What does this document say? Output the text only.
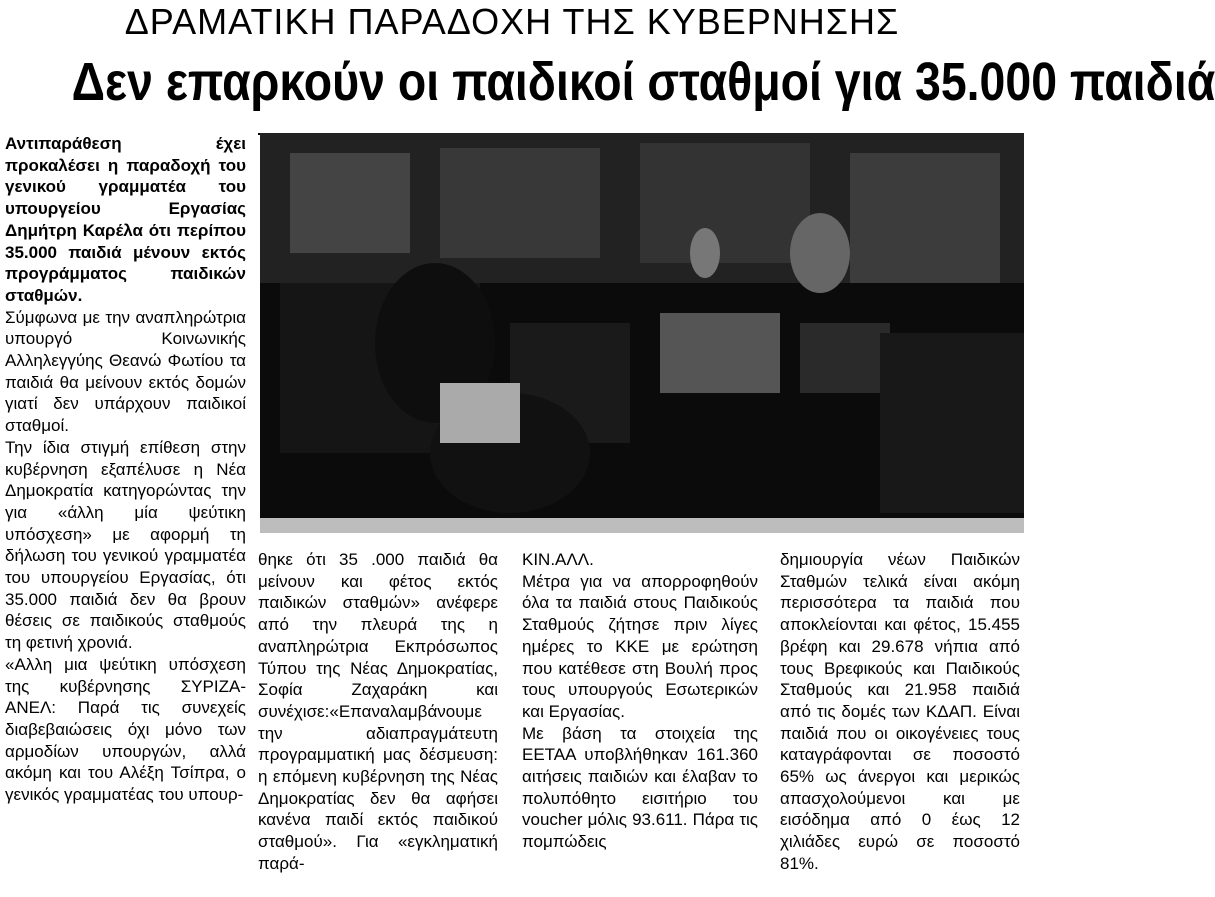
ΔΡΑΜΑΤΙΚΗ ΠΑΡΑΔΟΧΗ ΤΗΣ ΚΥΒΕΡΝΗΣΗΣ
Δεν επαρκούν οι παιδικοί σταθμοί για 35.000 παιδιά

Αντιπαράθεση έχει προκαλέσει η παραδοχή του γενικού γραμματέα του υπουργείου Εργασίας Δημήτρη Καρέλα ότι περίπου 35.000 παιδιά μένουν εκτός προγράμματος παιδικών σταθμών.

Σύμφωνα με την αναπληρώτρια υπουργό Κοινωνικής Αλληλεγγύης Θεανώ Φωτίου τα παιδιά θα μείνουν εκτός δομών γιατί δεν υπάρχουν παιδικοί σταθμοί.

Την ίδια στιγμή επίθεση στην κυβέρνηση εξαπέλυσε η Νέα Δημοκρατία κατηγορώντας την για «άλλη μία ψεύτικη υπόσχεση» με αφορμή τη δήλωση του γενικού γραμματέα του υπουργείου Εργασίας, ότι 35.000 παιδιά δεν θα βρουν θέσεις σε παιδικούς σταθμούς τη φετινή χρονιά.

«Αλλη μια ψεύτικη υπόσχεση της κυβέρνησης ΣΥΡΙΖΑ- ΑΝΕΛ: Παρά τις συνεχείς διαβεβαιώσεις όχι μόνο των αρμοδίων υπουργών, αλλά ακόμη και του Αλέξη Τσίπρα, ο γενικός γραμματέας του υπουρ-

θηκε ότι 35 .000 παιδιά θα μείνουν και φέτος εκτός παιδικών σταθμών» ανέφερε από την πλευρά της η αναπληρώτρια Εκπρόσωπος Τύπου της Νέας Δημοκρατίας, Σοφία Ζαχαράκη και συνέχισε:«Επαναλαμβάνουμε την αδιαπραγμάτευτη προγραμματική μας δέσμευση: η επόμενη κυβέρνηση της Νέας Δημοκρατίας δεν θα αφήσει κανένα παιδί εκτός παιδικού σταθμού». Για «εγκληματική παρά-

ΚΙΝ.ΑΛΛ.

Μέτρα για να απορροφηθούν όλα τα παιδιά στους Παιδικούς Σταθμούς ζήτησε πριν λίγες ημέρες το ΚΚΕ με ερώτηση που κατέθεσε στη Βουλή προς τους υπουργούς Εσωτερικών και Εργασίας.

Με βάση τα στοιχεία της ΕΕΤΑΑ υποβλήθηκαν 161.360 αιτήσεις παιδιών και έλαβαν το πολυπόθητο εισιτήριο του voucher μόλις 93.611. Πάρα τις πομπώδεις

δημιουργία νέων Παιδικών Σταθμών τελικά είναι ακόμη περισσότερα τα παιδιά που αποκλείονται και φέτος, 15.455 βρέφη και 29.678 νήπια από τους Βρεφικούς και Παιδικούς Σταθμούς και 21.958 παιδιά από τις δομές των ΚΔΑΠ. Είναι παιδιά που οι οικογένειες τους καταγράφονται σε ποσοστό 65% ως άνεργοι και μερικώς απασχολούμενοι και με εισόδημα από 0 έως 12 χιλιάδες ευρώ σε ποσοστό 81%.
